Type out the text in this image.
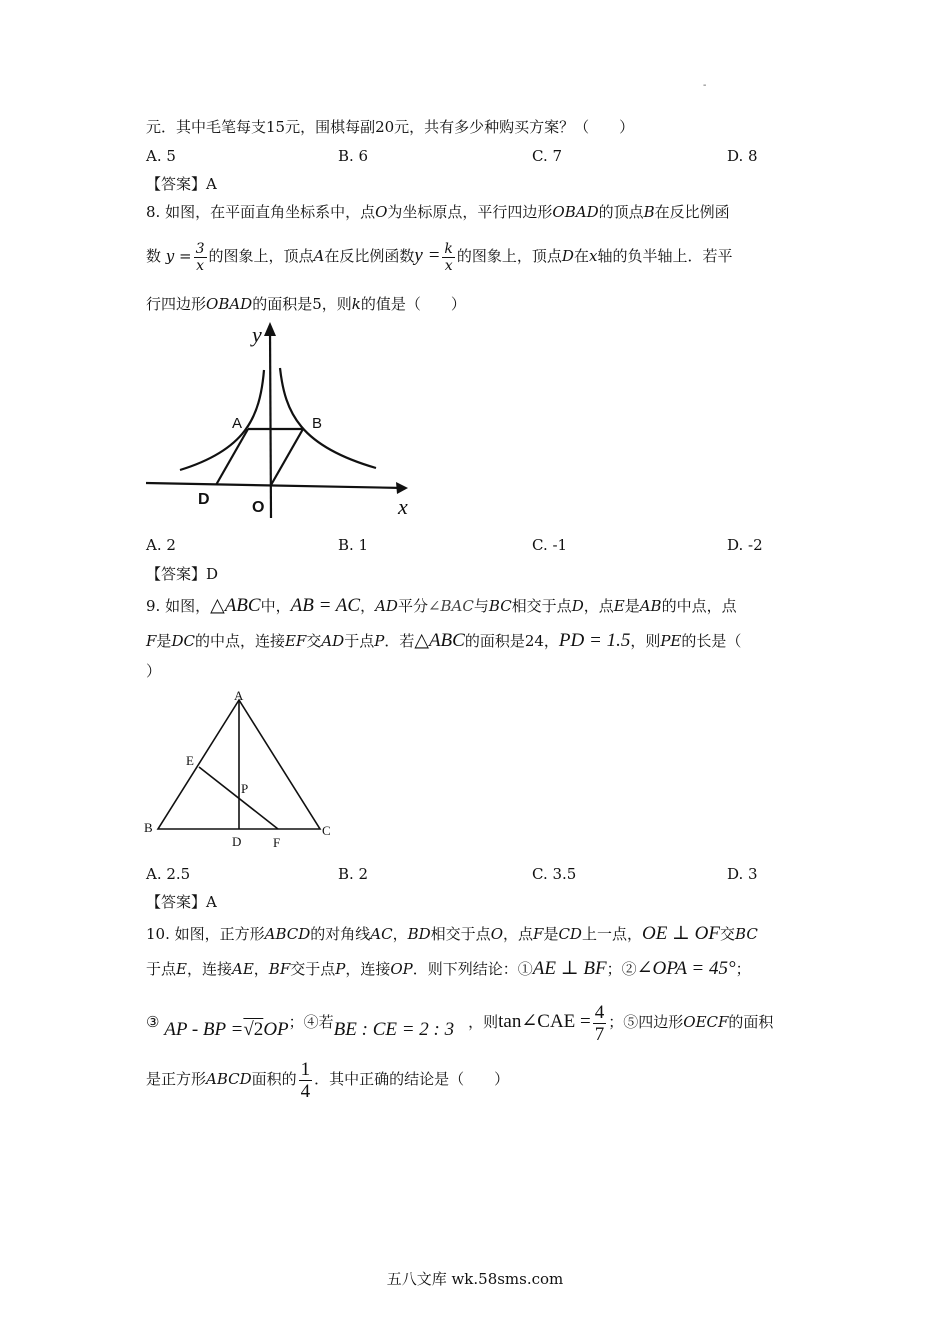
-
元．其中毛笔每支15元，围棋每副20元，共有多少种购买方案？（　　）
A. 5	B. 6	C. 7	D. 8
【答案】A
8. 如图，在平面直角坐标系中，点O为坐标原点，平行四边形OBAD的顶点B在反比例函
数 $y = \frac{3}{x}$ 的图象上，顶点A在反比例函数$y = \frac{k}{x}$ 的图象上，顶点D在x轴的负半轴上．若平
行四边形OBAD的面积是5，则k的值是（　　）
y
x
A	B
D	O
A. 2	B. 1	C. -1	D. -2
【答案】D
9. 如图，△ABC中，AB = AC，AD平分∠BAC与BC相交于点D，点E是AB的中点，点
F是DC的中点，连接EF交AD于点P．若△ABC的面积是24，PD = 1.5，则PE的长是（
）
A
B	C
D
E
F
P
A. 2.5	B. 2	C. 3.5	D. 3
【答案】A
10. 如图，正方形ABCD的对角线AC，BD相交于点O，点F是CD上一点，OE ⊥ OF交BC
于点E，连接AE，BF交于点P，连接OP．则下列结论：①AE ⊥ BF；②∠OPA = 45°；
③ AP - BP =√2OP；④若BE : CE = 2 : 3 ，则tan∠CAE = $\frac{4}{7}$ ；⑤四边形OECF的面积
是正方形ABCD面积的 $\frac{1}{4}$ ．其中正确的结论是（　　）
五八文库 wk.58sms.com
